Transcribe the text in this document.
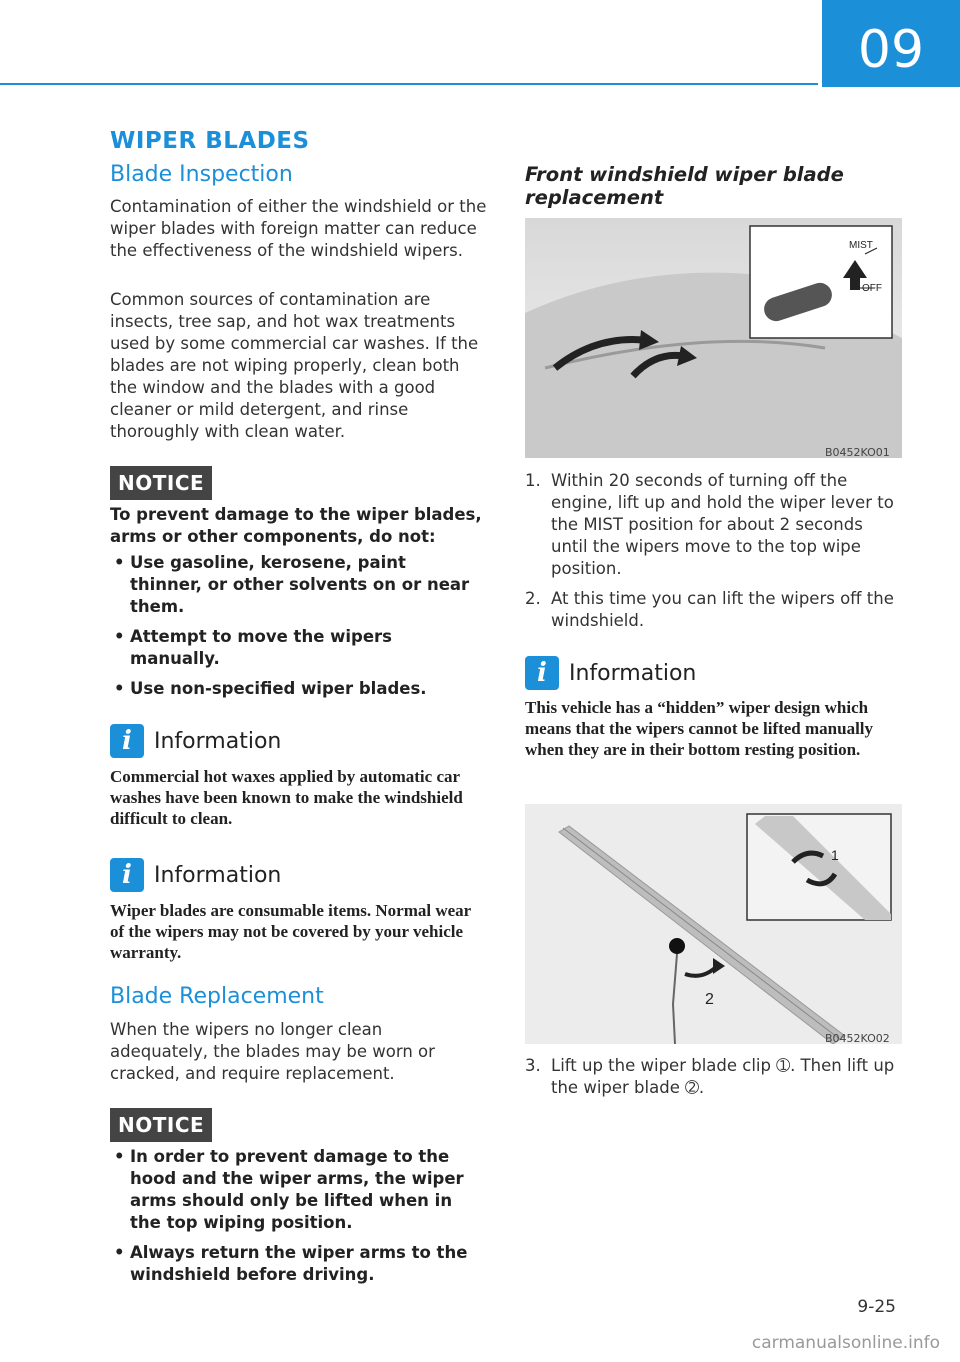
09
WIPER BLADES
Blade Inspection

Contamination of either the windshield or the wiper blades with foreign matter can reduce the effectiveness of the windshield wipers.

Common sources of contamination are insects, tree sap, and hot wax treatments used by some commercial car washes. If the blades are not wiping properly, clean both the window and the blades with a good cleaner or mild detergent, and rinse thoroughly with clean water.

NOTICE
To prevent damage to the wiper blades, arms or other components, do not:
• Use gasoline, kerosene, paint thinner, or other solvents on or near them.
• Attempt to move the wipers manually.
• Use non-specified wiper blades.
i	Information

Commercial hot waxes applied by automatic car washes have been known to make the windshield difficult to clean.

i	Information

Wiper blades are consumable items. Normal wear of the wipers may not be covered by your vehicle warranty.

Blade Replacement

When the wipers no longer clean adequately, the blades may be worn or cracked, and require replacement.

NOTICE
• In order to prevent damage to the hood and the wiper arms, the wiper arms should only be lifted when in the top wiping position.
• Always return the wiper arms to the windshield before driving.
Front windshield wiper blade replacement
MIST
OFF
B0452KO01
1. Within 20 seconds of turning off the engine, lift up and hold the wiper lever to the MIST position for about 2 seconds until the wipers move to the top wipe position.
2. At this time you can lift the wipers off the windshield.
i	Information

This vehicle has a “hidden” wiper design which means that the wipers cannot be lifted manually when they are in their bottom resting position.

2
1
B0452KO02
3. Lift up the wiper blade clip ➀. Then lift up the wiper blade ➁.
9-25
carmanualsonline.info
